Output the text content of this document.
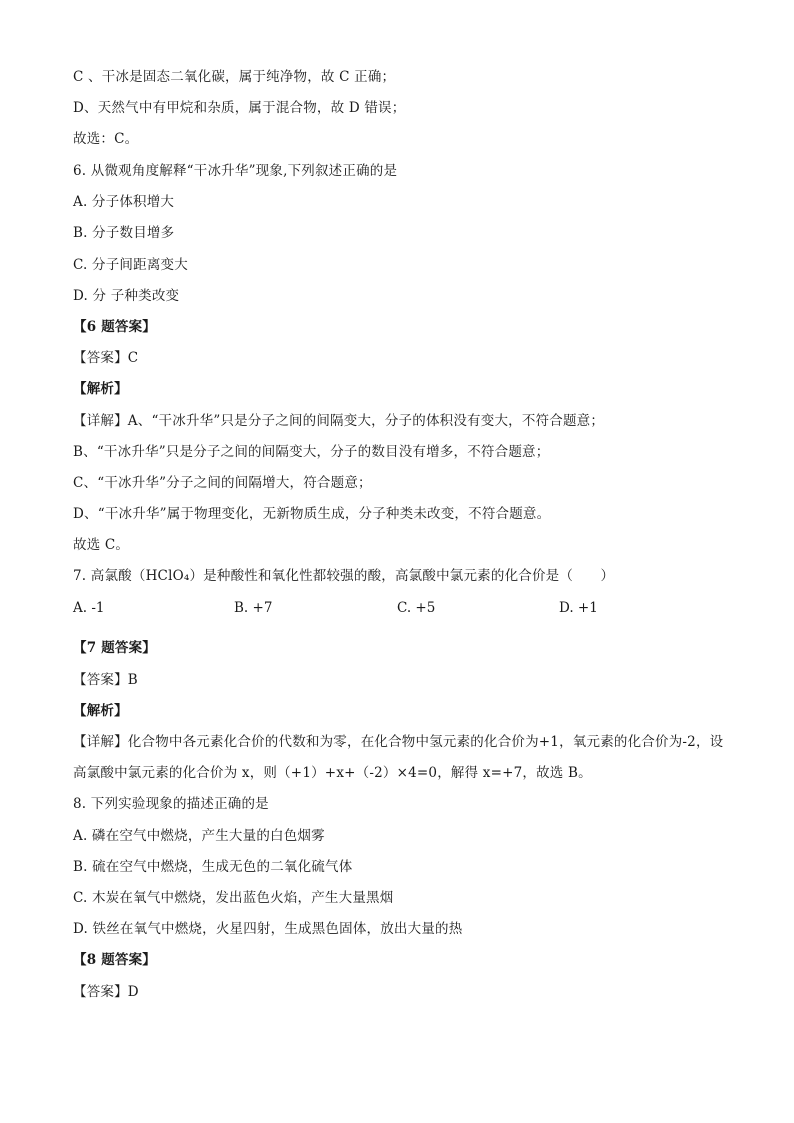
C 、干冰是固态二氧化碳，属于纯净物，故 C 正确；
D、天然气中有甲烷和杂质，属于混合物，故 D 错误；
故选：C。
6. 从微观角度解释“干冰升华”现象,下列叙述正确的是
A. 分子体积增大
B. 分子数目增多
C. 分子间距离变大
D. 分 子种类改变
【6 题答案】
【答案】C
【解析】
【详解】A、“干冰升华”只是分子之间的间隔变大，分子的体积没有变大，不符合题意；
B、“干冰升华”只是分子之间的间隔变大，分子的数目没有增多，不符合题意；
C、“干冰升华”分子之间的间隔增大，符合题意；
D、“干冰升华”属于物理变化，无新物质生成，分子种类未改变，不符合题意。
故选 C。
7. 高氯酸（HClO₄）是种酸性和氧化性都较强的酸，高氯酸中氯元素的化合价是（　　）
A. -1	B. +7	C. +5	D. +1
【7 题答案】
【答案】B
【解析】
【详解】化合物中各元素化合价的代数和为零，在化合物中氢元素的化合价为+1，氧元素的化合价为-2，设
高氯酸中氯元素的化合价为 x，则（+1）+x+（-2）×4=0，解得 x=+7，故选 B。
8. 下列实验现象的描述正确的是
A. 磷在空气中燃烧，产生大量的白色烟雾
B. 硫在空气中燃烧，生成无色的二氧化硫气体
C. 木炭在氧气中燃烧，发出蓝色火焰，产生大量黑烟
D. 铁丝在氧气中燃烧，火星四射，生成黑色固体，放出大量的热
【8 题答案】
【答案】D
